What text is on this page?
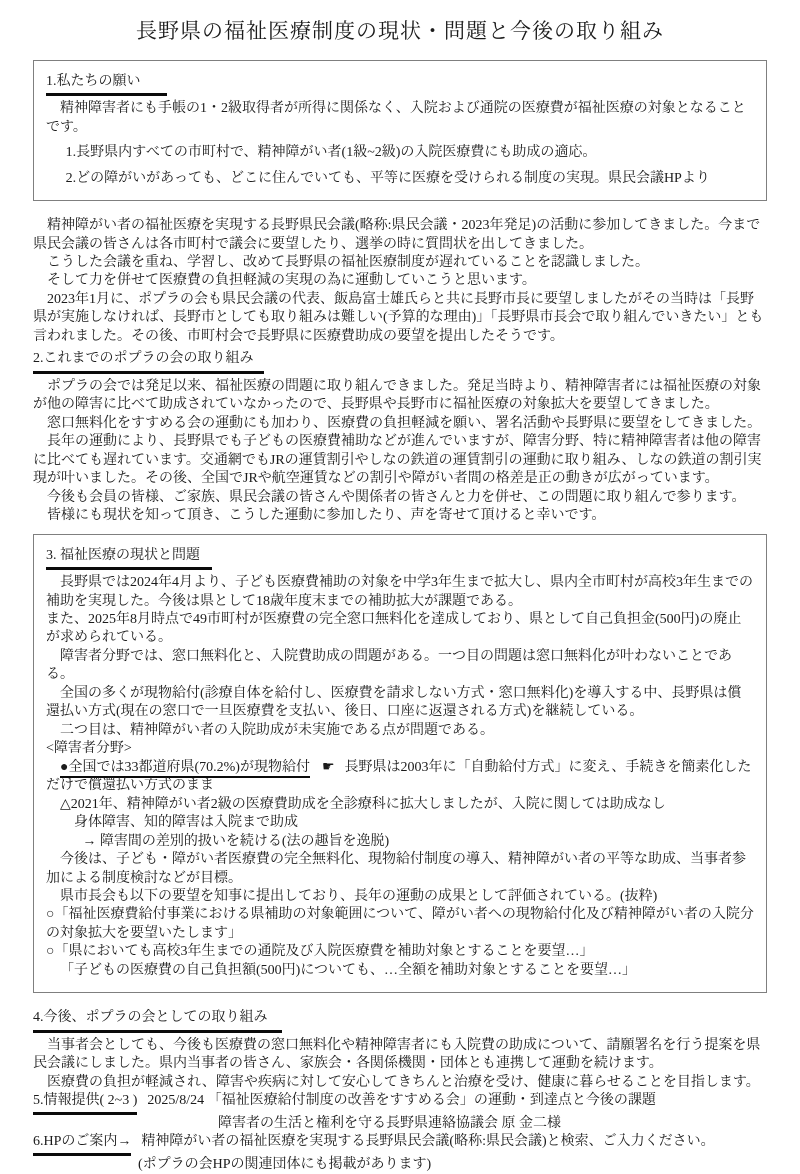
長野県の福祉医療制度の現状・問題と今後の取り組み
1.私たちの願い

精神障害者にも手帳の1・2級取得者が所得に関係なく、入院および通院の医療費が福祉医療の対象となることです。

1.長野県内すべての市町村で、精神障がい者(1級~2級)の入院医療費にも助成の適応。

2.どの障がいがあっても、どこに住んでいても、平等に医療を受けられる制度の実現。県民会議HPより

精神障がい者の福祉医療を実現する長野県民会議(略称:県民会議・2023年発足)の活動に参加してきました。今まで県民会議の皆さんは各市町村で議会に要望したり、選挙の時に質問状を出してきました。

こうした会議を重ね、学習し、改めて長野県の福祉医療制度が遅れていることを認識しました。

そして力を併せて医療費の負担軽減の実現の為に運動していこうと思います。

2023年1月に、ポプラの会も県民会議の代表、飯島富士雄氏らと共に長野市長に要望しましたがその当時は「長野県が実施しなければ、長野市としても取り組みは難しい(予算的な理由)」「長野県市長会で取り組んでいきたい」とも言われました。その後、市町村会で長野県に医療費助成の要望を提出したそうです。

2.これまでのポプラの会の取り組み

ポプラの会では発足以来、福祉医療の問題に取り組んできました。発足当時より、精神障害者には福祉医療の対象が他の障害に比べて助成されていなかったので、長野県や長野市に福祉医療の対象拡大を要望してきました。

窓口無料化をすすめる会の運動にも加わり、医療費の負担軽減を願い、署名活動や長野県に要望をしてきました。

長年の運動により、長野県でも子どもの医療費補助などが進んでいますが、障害分野、特に精神障害者は他の障害に比べても遅れています。交通網でもJRの運賃割引やしなの鉄道の運賃割引の運動に取り組み、しなの鉄道の割引実現が叶いました。その後、全国でJRや航空運賃などの割引や障がい者間の格差是正の動きが広がっています。

今後も会員の皆様、ご家族、県民会議の皆さんや関係者の皆さんと力を併せ、この問題に取り組んで参ります。

皆様にも現状を知って頂き、こうした運動に参加したり、声を寄せて頂けると幸いです。

3. 福祉医療の現状と問題

長野県では2024年4月より、子ども医療費補助の対象を中学3年生まで拡大し、県内全市町村が高校3年生までの補助を実現した。今後は県として18歳年度末までの補助拡大が課題である。

また、2025年8月時点で49市町村が医療費の完全窓口無料化を達成しており、県として自己負担金(500円)の廃止が求められている。

障害者分野では、窓口無料化と、入院費助成の問題がある。一つ目の問題は窓口無料化が叶わないことである。

全国の多くが現物給付(診療自体を給付し、医療費を請求しない方式・窓口無料化)を導入する中、長野県は償還払い方式(現在の窓口で一旦医療費を支払い、後日、口座に返還される方式)を継続している。

二つ目は、精神障がい者の入院助成が未実施である点が問題である。

<障害者分野>

●全国では33都道府県(70.2%)が現物給付 ☛ 長野県は2003年に「自動給付方式」に変え、手続きを簡素化しただけで償還払い方式のまま

△2021年、精神障がい者2級の医療費助成を全診療科に拡大しましたが、入院に関しては助成なし

身体障害、知的障害は入院まで助成

→ 障害間の差別的扱いを続ける(法の趣旨を逸脱)

今後は、子ども・障がい者医療費の完全無料化、現物給付制度の導入、精神障がい者の平等な助成、当事者参加による制度検討などが目標。

県市長会も以下の要望を知事に提出しており、長年の運動の成果として評価されている。(抜粋)

○「福祉医療費給付事業における県補助の対象範囲について、障がい者への現物給付化及び精神障がい者の入院分の対象拡大を要望いたします」

○「県においても高校3年生までの通院及び入院医療費を補助対象とすることを要望…」

「子どもの医療費の自己負担額(500円)についても、…全額を補助対象とすることを要望…」

4.今後、ポプラの会としての取り組み

当事者会としても、今後も医療費の窓口無料化や精神障害者にも入院費の助成について、請願署名を行う提案を県民会議にしました。県内当事者の皆さん、家族会・各関係機関・団体とも連携して運動を続けます。

医療費の負担が軽減され、障害や疾病に対して安心してきちんと治療を受け、健康に暮らせることを目指します。

5.情報提供( 2~3 ) 2025/8/24 「福祉医療給付制度の改善をすすめる会」の運動・到達点と今後の課題

障害者の生活と権利を守る長野県連絡協議会 原 金二様

6.HPのご案内→ 精神障がい者の福祉医療を実現する長野県民会議(略称:県民会議)と検索、ご入力ください。

(ポプラの会HPの関連団体にも掲載があります)
